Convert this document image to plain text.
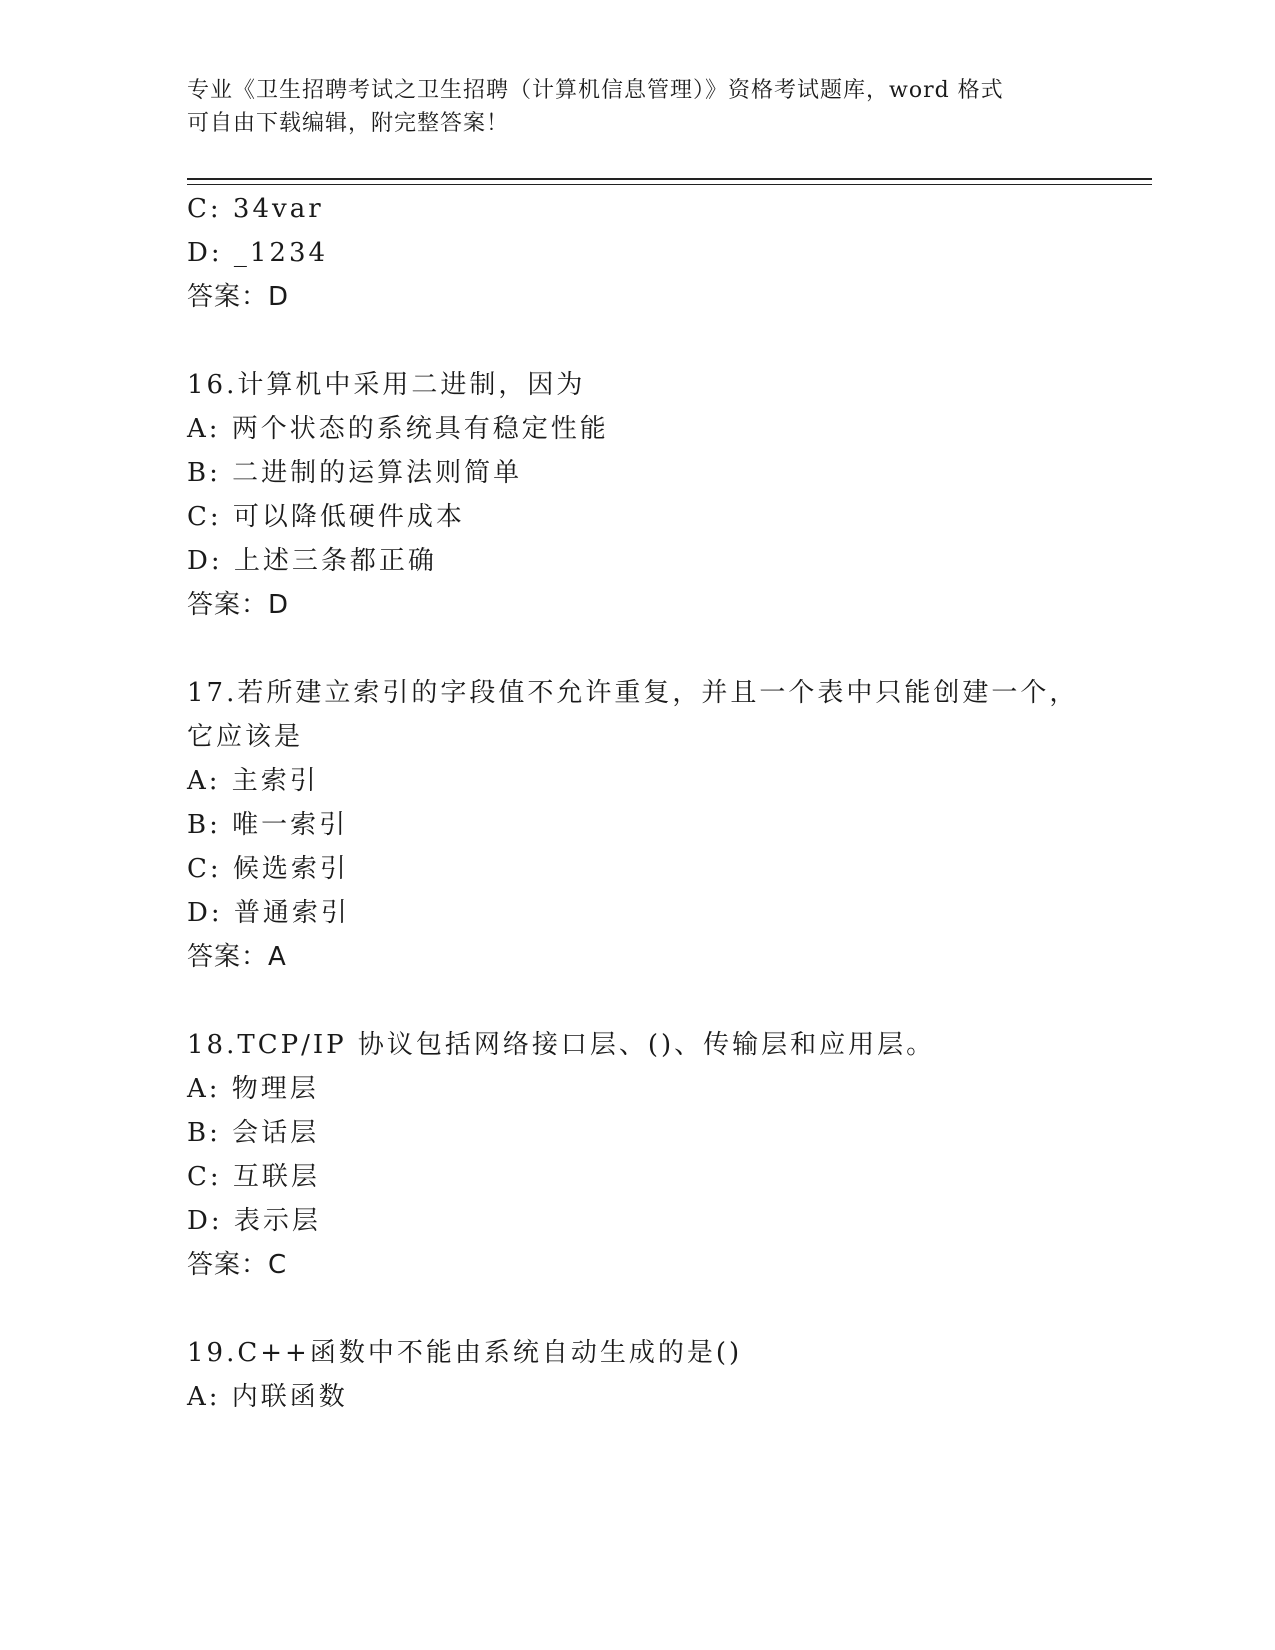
专业《卫生招聘考试之卫生招聘（计算机信息管理）》资格考试题库，word 格式
可自由下载编辑，附完整答案！
C: 34var
D: _1234
答案：D
16.计算机中采用二进制，因为
A: 两个状态的系统具有稳定性能
B: 二进制的运算法则简单
C: 可以降低硬件成本
D: 上述三条都正确
答案：D
17.若所建立索引的字段值不允许重复，并且一个表中只能创建一个，
它应该是
A: 主索引
B: 唯一索引
C: 候选索引
D: 普通索引
答案：A
18.TCP/IP 协议包括网络接口层、()、传输层和应用层。
A: 物理层
B: 会话层
C: 互联层
D: 表示层
答案：C
19.C++函数中不能由系统自动生成的是()
A: 内联函数
